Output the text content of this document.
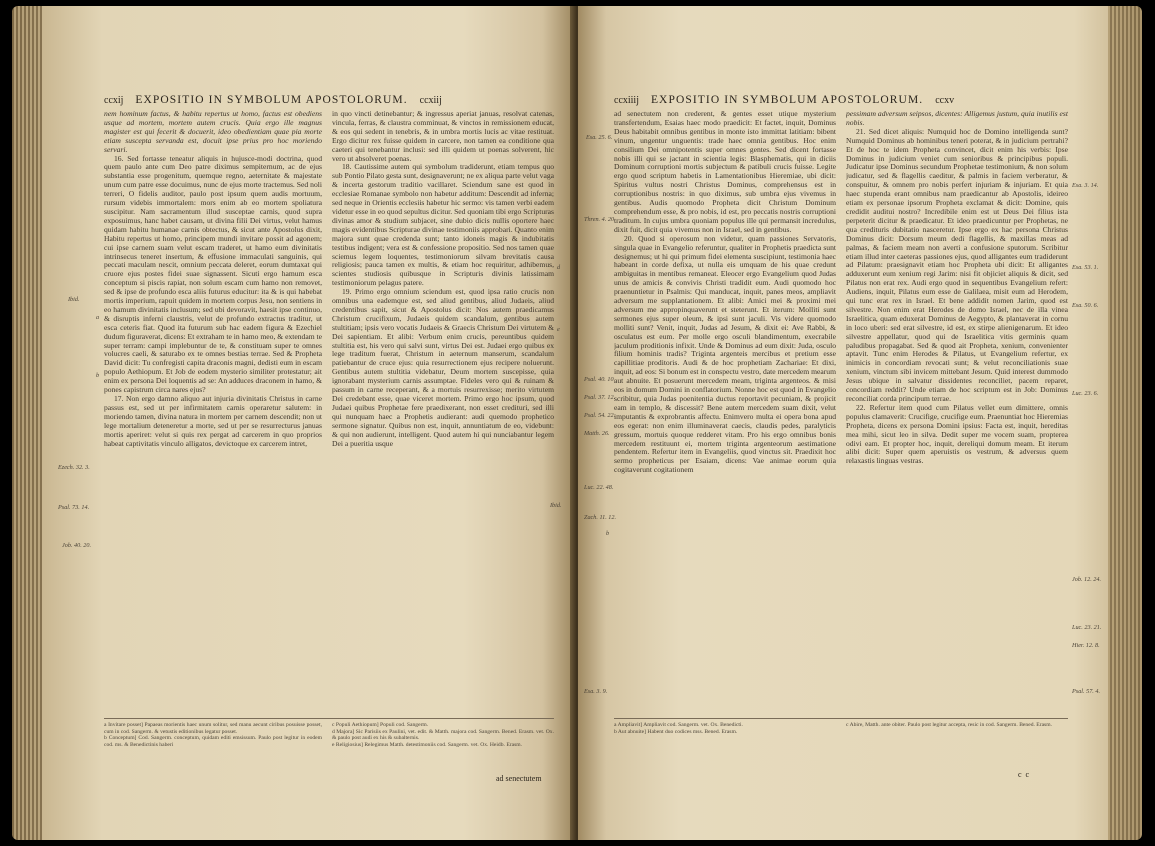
ccxij EXPOSITIO IN SYMBOLUM APOSTOLORUM. ccxiij

nem hominum factus, & habitu repertus ut homo, factus est obediens usque ad mortem, mortem autem crucis. Quia ergo ille magnus magister est qui fecerit & docuerit, ideo obedientiam quae pia morte etiam suscepta servanda est, docuit ipse prius pro hoc moriendo servari.

16. Sed fortasse teneatur aliquis in hujusce-modi doctrina, quod quem paulo ante cum Deo patre diximus sempiternum, ac de ejus substantia esse progenitum, quemque regno, aeternitate & majestate unum cum patre esse docuimus, nunc de ejus morte tractemus. Sed noli terreri, O fidelis auditor, paulo post ipsum quem audis mortuum, rursum videbis immortalem: mors enim ab eo mortem spoliatura suscipitur. Nam sacramentum illud susceptae carnis, quod supra exposuimus, hanc habet causam, ut divina filii Dei virtus, velut hamus quidam habitu humanae carnis obtectus, & sicut ante Apostolus dixit, Habitu repertus ut homo, principem mundi invitare possit ad agonem; cui ipse carnem suam velut escam traderet, ut hamo eum divinitatis intrinsecus teneret insertum, & effusione immaculati sanguinis, qui peccati maculam nescit, omnium peccata deleret, eorum dumtaxat qui cruore ejus postes fidei suae signassent. Sicuti ergo hamum esca conceptum si piscis rapiat, non solum escam cum hamo non removet, sed & ipse de profundo esca aliis futurus educitur: ita & is qui habebat mortis imperium, rapuit quidem in mortem corpus Jesu, non sentiens in eo hamum divinitatis inclusum; sed ubi devoravit, haesit ipse continuo, & disruptis inferni claustris, velut de profundo extractus traditur, ut esca ceteris fiat. Quod ita futurum sub hac eadem figura & Ezechiel dudum figuraverat, dicens: Et extraham te in hamo meo, & extendam te super terram: campi implebuntur de te, & constituam super te omnes volucres caeli, & saturabo ex te omnes bestias terrae. Sed & Propheta David dicit: Tu confregisti capita draconis magni, dedisti eum in escam populo Aethiopum. Et Job de eodem mysterio similiter protestatur; ait enim ex persona Dei loquentis ad se: An adduces draconem in hamo, & pones capistrum circa nares ejus?

17. Non ergo damno aliquo aut injuria divinitatis Christus in carne passus est, sed ut per infirmitatem carnis operaretur salutem: in moriendo tamen, divina natura in mortem per carnem descendit; non ut lege mortalium deteneretur a morte, sed ut per se resurrecturus januas mortis aperiret: velut si quis rex pergat ad carcerem in quo proprios habeat captivitatis vinculo alligatos, devictoque ex carcerem intret,

in quo vincti detinebantur; & ingressus aperiat januas, resolvat catenas, vincula, ferras, & claustra comminuat, & vinctos in remissionem educat, & eos qui sedent in tenebris, & in umbra mortis lucis ac vitae restituat. Ergo dicitur rex fuisse quidem in carcere, non tamen ea conditione qua caeteri qui tenebantur inclusi: sed illi quidem ut poenas solverent, hic vero ut absolveret poenas.

18. Cautissime autem qui symbolum tradiderunt, etiam tempus quo sub Pontio Pilato gesta sunt, designaverunt; ne ex aliqua parte velut vaga & incerta gestorum traditio vacillaret. Sciendum sane est quod in ecclesiae Romanae symbolo non habetur additum: Descendit ad inferna; sed neque in Orientis ecclesiis habetur hic sermo: vis tamen verbi eadem videtur esse in eo quod sepultus dicitur. Sed quoniam tibi ergo Scripturas divinas amor & studium subjacet, sine dubio dicis nullis oportere haec magis evidentibus Scripturae divinae testimoniis approbari. Quanto enim majora sunt quae credenda sunt; tanto idoneis magis & indubitatis testibus indigent; vera est & confessione propositio. Sed nos tamen quae sciemus legem loquentes, testimoniorum silvam brevitatis causa religiosis; pauca tamen ex multis, & etiam hoc requiritur, adhibemus, scientes studiosis quibusque in Scripturis divinis latissimam testimoniorum pelagus patere.

19. Primo ergo omnium sciendum est, quod ipsa ratio crucis non omnibus una eademque est, sed aliud gentibus, aliud Judaeis, aliud credentibus sapit, sicut & Apostolus dicit: Nos autem praedicamus Christum crucifixum, Judaeis quidem scandalum, gentibus autem stultitiam; ipsis vero vocatis Judaeis & Graecis Christum Dei virtutem & Dei sapientiam. Et alibi: Verbum enim crucis, pereuntibus quidem stultitia est, his vero qui salvi sunt, virtus Dei est. Judaei ergo quibus ex lege traditum fuerat, Christum in aeternum manserum, scandalum patiebantur de cruce ejus: quia resurrectionem ejus recipere noluerunt. Gentibus autem stultitia videbatur, Deum mortem suscepisse, quia ignorabant mysterium carnis assumptae. Fideles vero qui & ruinam & passum in carne receperant, & a mortuis resurrexisse; merito virtutem Dei credebant esse, quae viceret mortem. Primo ergo hoc ipsum, quod Judaei quibus Prophetae fere praedixerant, non esset credituri, sed illi qui nunquam haec a Prophetis audierant: audi quemodo prophetico sermone signatur. Quibus non est, inquit, annuntiatum de eo, videbunt: & qui non audierunt, intelligent. Quod autem hi qui nunciabantur legem Dei a pueritia usque

a Invitare posset] Papaeas morientis haec unum solitur, sed manu aecunt ciribus posuisse posset, cum in cod. Sangerm. & vetustis editionibus legatur posset.
b Conceptum] Cod. Sangerm. conceptum, quidam editi emsissum. Paulo post legitur in eodem cod. ms. & Benedictinis haberi
c Populi Aethiopum] Populi cod. Sangerm.
d Majora] Sic Parisiis ex Paulini, vet. edit. & Matth. majora cod. Sangerm. Bened. Erasm. vet. Ox. & paulo post audi ex his & subalternis.
e Religiosius] Relegimus Matth. detestimoniis cod. Sangerm. vet. Ox. Heidb. Erasm.
Ibid.
Ezech. 32. 3.
Psal. 73. 14.
Job. 40. 20.
Ibid.
a
b
d
e
ad senectutem
ccxiiij EXPOSITIO IN SYMBOLUM APOSTOLORUM. ccxv

ad senectutem non crederent, & gentes esset utique mysterium transfertendum, Esaias haec modo praedicit: Et factet, inquit, Dominus Deus habitabit omnibus gentibus in monte isto immittat latitiam: bibent vinum, ungentur unguentis: trade haec omnia gentibus. Hoc enim consilium Dei omnipotentis super omnes gentes. Sed dicent fortasse nobis illi qui se jactant in scientia legis: Blasphematis, qui in diciis Dominum corruptioni mortis subjectum & patibuli crucis fuisse. Legite ergo quod scriptum habetis in Lamentationibus Hieremiae, ubi dicit: Spiritus vultus nostri Christus Dominus, comprehensus est in corruptionibus nostris: in quo diximus, sub umbra ejus vivemus in gentibus. Audis quomodo Propheta dicit Christum Dominum comprehendum esse, & pro nobis, id est, pro peccatis nostris corruptioni traditum. In cujus umbra quoniam populus ille qui permansit incredulus, dixit fuit, dicit quia vivemus non in Israel, sed in gentibus.

20. Quod si operosum non videtur, quam passiones Servatoris, singula quae in Evangelio referuntur, qualiter in Prophetis praedicta sunt designemus; ut hi qui primum fidei elementa suscipiunt, testimonia haec habeant in corde defixa, ut nulla eis umquam de his quae credunt ambiguitas in mentibus remaneat. Eleocer ergo Evangelium quod Judas unus de amicis & convivis Christi tradidit eum. Audi quomodo hoc praenuntietur in Psalmis: Qui manducat, inquit, panes meos, ampliavit adversum me supplantationem. Et alibi: Amici mei & proximi mei adversum me appropinquaverunt et steterunt. Et iterum: Molliti sunt sermones ejus super oleum, & ipsi sunt jaculi. Vis videre quomodo molliti sunt? Venit, inquit, Judas ad Jesum, & dixit ei: Ave Rabbi, & osculatus est eum. Per molle ergo osculi blandimentum, execrabile jaculum proditionis infixit. Unde & Dominus ad eum dixit: Juda, osculo filium hominis tradis? Triginta argenteis mercibus et pretium esse capillitiae proditoris. Audi & de hoc prophetiam Zachariae: Et dixi, inquit, ad eos: Si bonum est in conspectu vestro, date mercedem mearum aut abnuite. Et posuerunt mercedem meam, triginta argenteos. & misi eos in domum Domini in conflatorium. Nonne hoc est quod in Evangelio scribitur, quia Judas poenitentia ductus reportavit pecuniam, & projicit eam in templo, & discessit? Bene autem mercedem suam dixit, velut imputantis & exprobrantis affectu. Enimvero multa ei opera bona apud eos egerat: non enim illuminaverat caecis, claudis pedes, paralyticis gressum, mortuis quoque redderet vitam. Pro his ergo omnibus bonis mercedem restituunt ei, mortem triginta argenteorum aestimatione pendentem. Refertur item in Evangeliis, quod vinctus sit. Praedixit hoc sermo propheticus per Esaiam, dicens: Vae animae eorum quia cogitaverunt cogitationem

pessimam adversum seipsos, dicentes: Alligemus justum, quia inutilis est nobis.

21. Sed dicet aliquis: Numquid hoc de Domino intelligenda sunt? Numquid Dominus ab hominibus teneri poterat, & in judicium pertrahi? Et de hoc te idem Propheta convincet, dicit enim his verbis: Ipse Dominus in judicium veniet cum senioribus & principibus populi. Judicatur ipse Dominus secundum Prophetae testimonium, & non solum judicatur, sed & flagellis caeditur, & palmis in faciem verberatur, & conspuitur, & omnem pro nobis perfert injuriam & injuriam. Et quia haec stupenda erant omnibus nam praedicantur ab Apostolis, ideireo etiam ex personae ipsorum Propheta exclamat & dicit: Domine, quis credidit auditui nostro? Incredibile enim est ut Deus Dei filius ista perpeterit dicitur & praedicatur. Et ideo praedicuntur per Prophetas, ne qua credituris dubitatio nasceretur. Ipse ergo ex hac persona Christus Dominus dicit: Dorsum meum dedi flagellis, & maxillas meas ad palmas, & faciem meam non averti a confusione sputorum. Scribitur etiam illud inter caeteras passiones ejus, quod alligantes eum tradiderunt ad Pilatum: praesignavit etiam hoc Propheta ubi dicit: Et alligantes adduxerunt eum xenium regi Jarim: nisi fit objiciet aliquis & dicit, sed Pilatus non erat rex. Audi ergo quod in sequentibus Evangelium refert: Audiens, inquit, Pilatus eum esse de Galilaea, misit eum ad Herodem, qui tunc erat rex in Israel. Et bene addidit nomen Jarim, quod est silvestre. Non enim erat Herodes de domo Israel, nec de illa vinea Israelitica, quam eduxerat Dominus de Aegypto, & plantaverat in cornu in loco uberi: sed erat silvestre, id est, ex stirpe alienigenarum. Et ideo silvestre appellatur, quod qui de Israelitica vitis germinis quam paludibus propagabat. Sed & quod ait Propheta, xenium, convenienter aptavit. Tunc enim Herodes & Pilatus, ut Evangelium refertur, ex inimicis in concordiam revocati sunt; & velut reconciliationis suae xenium, vinctum sibi invicem mittebant Jesum. Quid interest dummodo Jesus ubique in salvatur dissidentes reconciliet, pacem reparet, concordiam reddit? Unde etiam de hoc scriptum est in Job: Dominus reconciliat corda principum terrae.

22. Refertur item quod cum Pilatus vellet eum dimittere, omnis populus clamaverit: Crucifige, crucifige eum. Praenuntiat hoc Hieremias Propheta, dicens ex persona Domini ipsius: Facta est, inquit, hereditas mea mihi, sicut leo in silva. Dedit super me vocem suam, propterea odivi eam. Et propter hoc, inquit, dereliqui domum meam. Et iterum alibi dicit: Super quem aperuistis os vestrum, & adversus quem relaxastis linguas vestras.

a Ampliavit] Ampliavit cod. Sangerm. vet. Ox. Benedicti.
b Aut abnuite] Habent duo codices mss. Bened. Erasm.
c Abire, Matth. ante obiter. Paulo post legitur accepta, resic in cod. Sangerm. Bened. Erasm.
Esa. 25. 6.
Thren. 4. 20.
Psal. 40. 10.
Psal. 37. 12.
Psal. 54. 22.
Matth. 26.
Luc. 22. 48.
Zach. 11. 12.
Esa. 3. 9.
Esa. 3. 14.
Esa. 53. 1.
Esa. 50. 6.
Luc. 23. 6.
Job. 12. 24.
Luc. 23. 21.
Hier. 12. 8.
Psal. 57. 4.
b
c c
